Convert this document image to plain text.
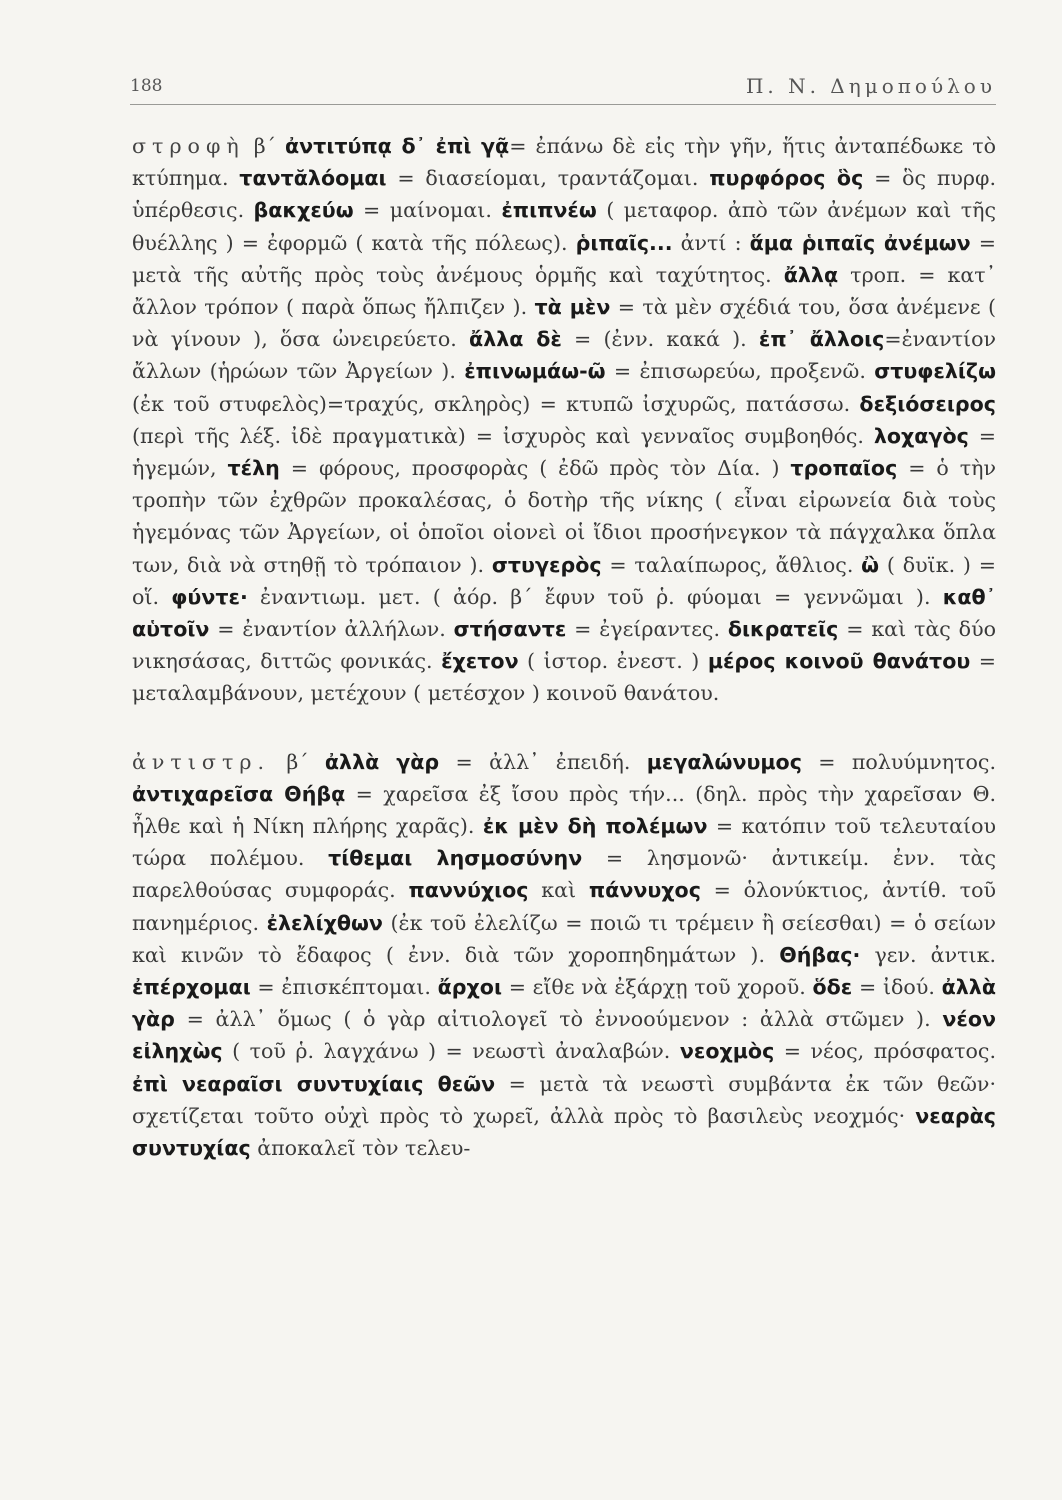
188	Π. Ν. Δημοπούλου

στροφὴ β΄ ἀντιτύπᾳ δ᾽ ἐπὶ γᾷ= ἐπάνω δὲ εἰς τὴν γῆν, ἥτις ἀνταπέδωκε τὸ κτύπημα. ταντᾰλόομαι = διασείομαι, τραντάζομαι. πυρφόρος ὃς = ὃς πυρφ. ὑπέρθεσις. βακχεύω = μαίνομαι. ἐπιπνέω ( μεταφορ. ἀπὸ τῶν ἀνέμων καὶ τῆς θυέλλης ) = ἐφορμῶ ( κατὰ τῆς πόλεως). ῥιπαῖς... ἀντί : ἅμα ῥιπαῖς ἀνέμων = μετὰ τῆς αὐτῆς πρὸς τοὺς ἀνέμους ὁρμῆς καὶ ταχύτητος. ἄλλᾳ τροπ. = κατ᾽ ἄλλον τρόπον ( παρὰ ὅπως ἤλπιζεν ). τὰ μὲν = τὰ μὲν σχέδιά του, ὅσα ἀνέμενε ( νὰ γίνουν ), ὅσα ὠνειρεύετο. ἄλλα δὲ = (ἐνν. κακά ). ἐπ᾽ ἄλλοις=ἐναντίον ἄλλων (ἡρώων τῶν Ἀργείων ). ἐπινωμάω-ῶ = ἐπισωρεύω, προξενῶ. στυφελίζω (ἐκ τοῦ στυφελὸς)=τραχύς, σκληρὸς) = κτυπῶ ἰσχυρῶς, πατάσσω. δεξιόσειρος (περὶ τῆς λέξ. ἰδὲ πραγματικὰ) = ἰσχυρὸς καὶ γενναῖος συμβοηθός. λοχαγὸς = ἡγεμών, τέλη = φόρους, προσφορὰς ( ἐδῶ πρὸς τὸν Δία. ) τροπαῖος = ὁ τὴν τροπὴν τῶν ἐχθρῶν προκαλέσας, ὁ δοτὴρ τῆς νίκης ( εἶναι εἰρωνεία διὰ τοὺς ἡγεμόνας τῶν Ἀργείων, οἱ ὁποῖοι οἱονεὶ οἱ ἴδιοι προσήνεγκον τὰ πάγχαλκα ὅπλα των, διὰ νὰ στηθῇ τὸ τρόπαιον ). στυγερὸς = ταλαίπωρος, ἄθλιος. ὢ ( δυϊκ. ) = οἵ. φύντε· ἐναντιωμ. μετ. ( ἀόρ. β΄ ἔφυν τοῦ ῥ. φύομαι = γεννῶμαι ). καθ᾽ αὑτοῖν = ἐναντίον ἀλλήλων. στήσαντε = ἐγείραντες. δικρατεῖς = καὶ τὰς δύο νικησάσας, διττῶς φονικάς. ἔχετον ( ἱστορ. ἐνεστ. ) μέρος κοινοῦ θανάτου = μεταλαμβάνουν, μετέχουν ( μετέσχον ) κοινοῦ θανάτου.

ἀντιστρ. β΄ ἀλλὰ γὰρ = ἀλλ᾽ ἐπειδή. μεγαλώνυμος = πολυύμνητος. ἀντιχαρεῖσα Θήβᾳ = χαρεῖσα ἐξ ἴσου πρὸς τήν... (δηλ. πρὸς τὴν χαρεῖσαν Θ. ἦλθε καὶ ἡ Νίκη πλήρης χαρᾶς). ἐκ μὲν δὴ πολέμων = κατόπιν τοῦ τελευταίου τώρα πολέμου. τίθεμαι λησμοσύνην = λησμονῶ· ἀντικείμ. ἐνν. τὰς παρελθούσας συμφοράς. παννύχιος καὶ πάννυχος = ὁλονύκτιος, ἀντίθ. τοῦ πανημέριος. ἐλελίχθων (ἐκ τοῦ ἐλελίζω = ποιῶ τι τρέμειν ἢ σείεσθαι) = ὁ σείων καὶ κινῶν τὸ ἔδαφος ( ἐνν. διὰ τῶν χοροπηδημάτων ). Θήβας· γεν. ἀντικ. ἐπέρχομαι = ἐπισκέπτομαι. ἄρχοι = εἴθε νὰ ἐξάρχῃ τοῦ χοροῦ. ὅδε = ἰδού. ἀλλὰ γὰρ = ἀλλ᾽ ὅμως ( ὁ γὰρ αἰτιολογεῖ τὸ ἐννοούμενον : ἀλλὰ στῶμεν ). νέον εἰληχὼς ( τοῦ ῥ. λαγχάνω ) = νεωστὶ ἀναλαβών. νεοχμὸς = νέος, πρόσφατος. ἐπὶ νεαραῖσι συντυχίαις θεῶν = μετὰ τὰ νεωστὶ συμβάντα ἐκ τῶν θεῶν· σχετίζεται τοῦτο οὐχὶ πρὸς τὸ χωρεῖ, ἀλλὰ πρὸς τὸ βασιλεὺς νεοχμός· νεαρὰς συντυχίας ἀποκαλεῖ τὸν τελευ-
